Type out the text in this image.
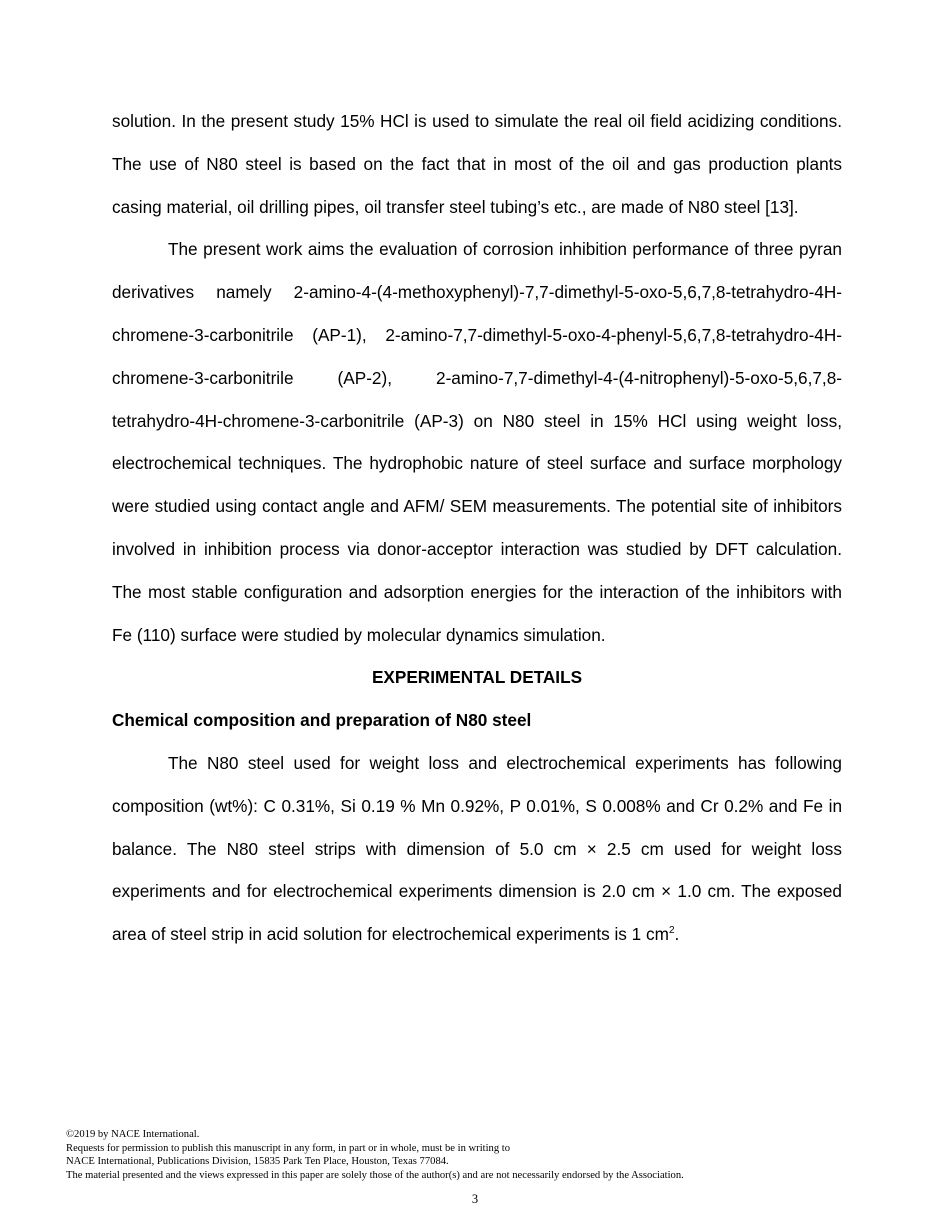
solution. In the present study 15% HCl is used to simulate the real oil field acidizing conditions. The use of N80 steel is based on the fact that in most of the oil and gas production plants casing material, oil drilling pipes, oil transfer steel tubing’s etc., are made of N80 steel [13].

The present work aims the evaluation of corrosion inhibition performance of three pyran derivatives namely 2-amino-4-(4-methoxyphenyl)-7,7-dimethyl-5-oxo-5,6,7,8-tetrahydro-4H-chromene-3-carbonitrile (AP-1), 2-amino-7,7-dimethyl-5-oxo-4-phenyl-5,6,7,8-tetrahydro-4H-chromene-3-carbonitrile (AP-2), 2-amino-7,7-dimethyl-4-(4-nitrophenyl)-5-oxo-5,6,7,8-tetrahydro-4H-chromene-3-carbonitrile (AP-3) on N80 steel in 15% HCl using weight loss, electrochemical techniques. The hydrophobic nature of steel surface and surface morphology were studied using contact angle and AFM/ SEM measurements. The potential site of inhibitors involved in inhibition process via donor-acceptor interaction was studied by DFT calculation. The most stable configuration and adsorption energies for the interaction of the inhibitors with Fe (110) surface were studied by molecular dynamics simulation.

EXPERIMENTAL DETAILS

Chemical composition and preparation of N80 steel

The N80 steel used for weight loss and electrochemical experiments has following composition (wt%): C 0.31%, Si 0.19 % Mn 0.92%, P 0.01%, S 0.008% and Cr 0.2% and Fe in balance. The N80 steel strips with dimension of 5.0 cm × 2.5 cm used for weight loss experiments and for electrochemical experiments dimension is 2.0 cm × 1.0 cm. The exposed area of steel strip in acid solution for electrochemical experiments is 1 $cm^2$.

©2019 by NACE International.
Requests for permission to publish this manuscript in any form, in part or in whole, must be in writing to
NACE International, Publications Division, 15835 Park Ten Place, Houston, Texas 77084.
The material presented and the views expressed in this paper are solely those of the author(s) and are not necessarily endorsed by the Association.
3
